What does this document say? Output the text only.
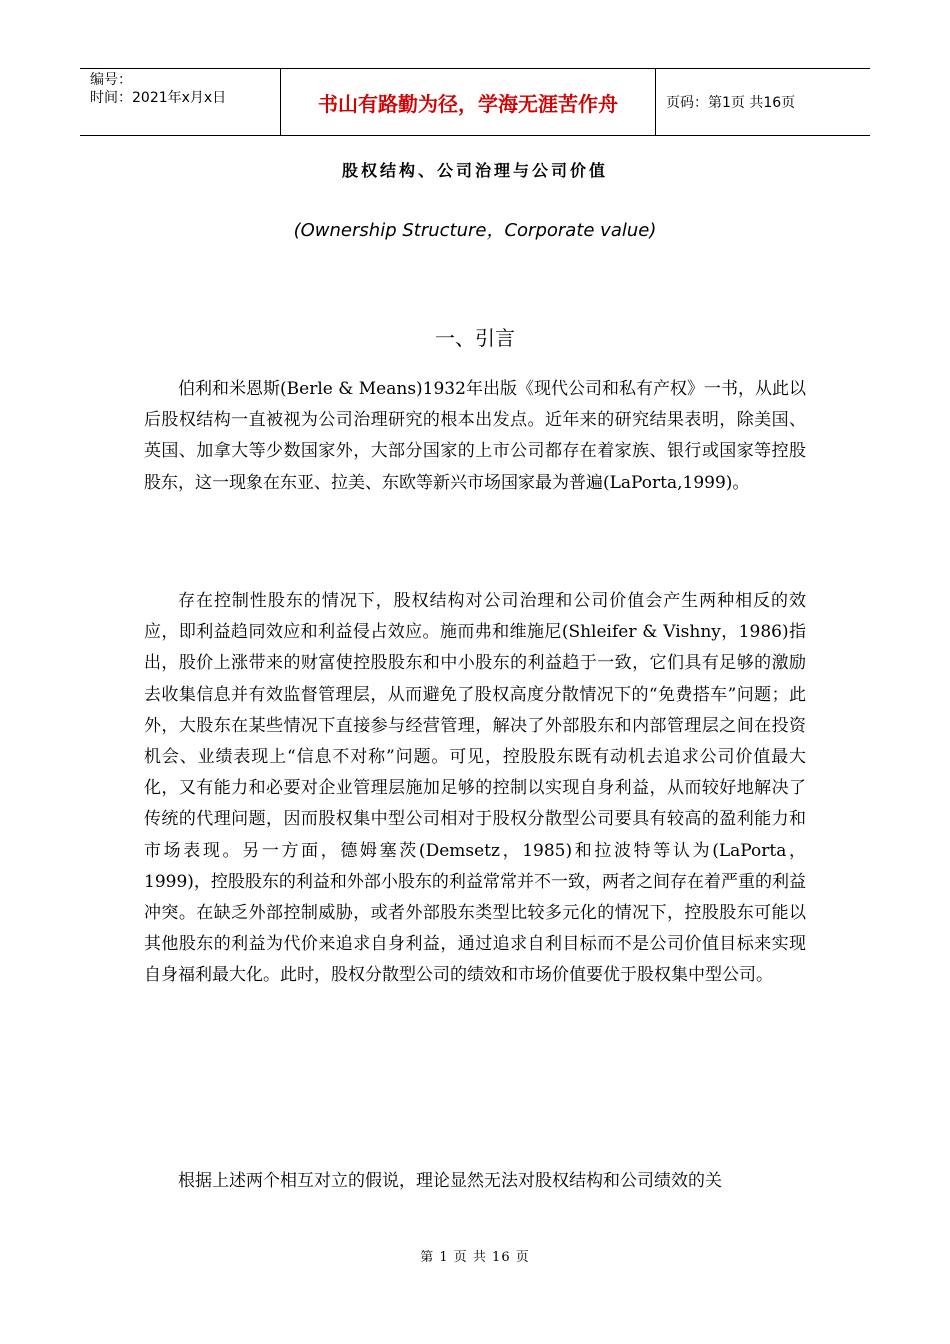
编号：
时间：2021年x月x日	书山有路勤为径，学海无涯苦作舟	页码：第1页 共16页
股权结构、公司治理与公司价值
(Ownership Structure，Corporate value)
一、引言

伯利和米恩斯(Berle & Means)1932年出版《现代公司和私有产权》一书，从此以后股权结构一直被视为公司治理研究的根本出发点。近年来的研究结果表明，除美国、英国、加拿大等少数国家外，大部分国家的上市公司都存在着家族、银行或国家等控股股东，这一现象在东亚、拉美、东欧等新兴市场国家最为普遍(LaPorta,1999)。

存在控制性股东的情况下，股权结构对公司治理和公司价值会产生两种相反的效应，即利益趋同效应和利益侵占效应。施而弗和维施尼(Shleifer & Vishny，1986)指出，股价上涨带来的财富使控股股东和中小股东的利益趋于一致，它们具有足够的激励去收集信息并有效监督管理层，从而避免了股权高度分散情况下的“免费搭车”问题；此外，大股东在某些情况下直接参与经营管理，解决了外部股东和内部管理层之间在投资机会、业绩表现上“信息不对称”问题。可见，控股股东既有动机去追求公司价值最大化，又有能力和必要对企业管理层施加足够的控制以实现自身利益，从而较好地解决了传统的代理问题，因而股权集中型公司相对于股权分散型公司要具有较高的盈利能力和市场表现。另一方面，德姆塞茨(Demsetz，1985)和拉波特等认为(LaPorta，1999)，控股股东的利益和外部小股东的利益常常并不一致，两者之间存在着严重的利益冲突。在缺乏外部控制威胁，或者外部股东类型比较多元化的情况下，控股股东可能以其他股东的利益为代价来追求自身利益，通过追求自利目标而不是公司价值目标来实现自身福利最大化。此时，股权分散型公司的绩效和市场价值要优于股权集中型公司。

根据上述两个相互对立的假说，理论显然无法对股权结构和公司绩效的关

第 1 页 共 16 页
